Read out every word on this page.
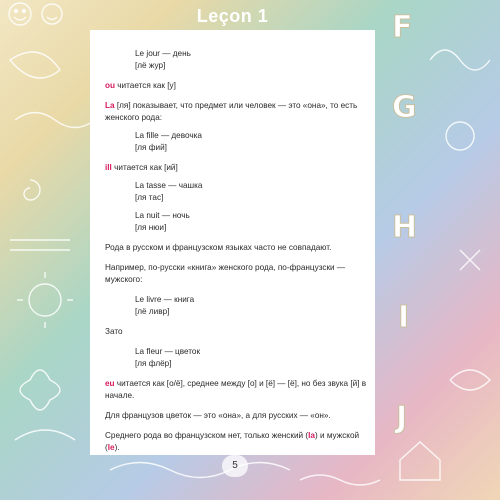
Leçon 1	F
G
H
I
J
Le jour — день
[лё жур]
ou читается как [у]
La [ля] показывает, что предмет или человек — это «она», то есть женского рода:
La fille — девочка
[ля фий]
ill читается как [ий]
La tasse — чашка
[ля тас]
La nuit — ночь
[ля нюи]
Рода в русском и французском языках часто не совпадают.
Например, по-русски «книга» женского рода, по-французски — мужского:
Le livre — книга
[лё ливр]
Зато
La fleur — цветок
[ля флёр]
eu читается как [о/ё], среднее между [о] и [ё] — [ё], но без звука [й] в начале.
Для французов цветок — это «она», а для русских — «он».
Среднего рода во французском нет, только женский (la) и мужской (le).
5
